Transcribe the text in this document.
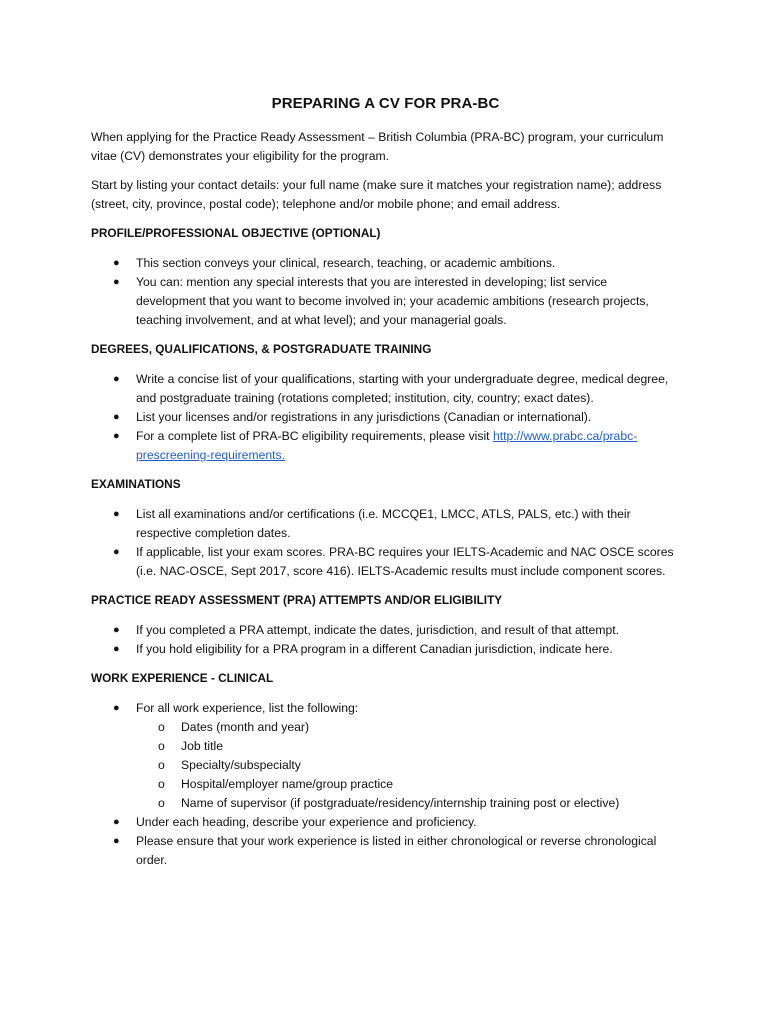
PREPARING A CV FOR PRA-BC

When applying for the Practice Ready Assessment – British Columbia (PRA-BC) program, your curriculum vitae (CV) demonstrates your eligibility for the program.

Start by listing your contact details: your full name (make sure it matches your registration name); address (street, city, province, postal code); telephone and/or mobile phone; and email address.

PROFILE/PROFESSIONAL OBJECTIVE (OPTIONAL)
● This section conveys your clinical, research, teaching, or academic ambitions.
● You can: mention any special interests that you are interested in developing; list service development that you want to become involved in; your academic ambitions (research projects, teaching involvement, and at what level); and your managerial goals.
DEGREES, QUALIFICATIONS, & POSTGRADUATE TRAINING
● Write a concise list of your qualifications, starting with your undergraduate degree, medical degree, and postgraduate training (rotations completed; institution, city, country; exact dates).
● List your licenses and/or registrations in any jurisdictions (Canadian or international).
● For a complete list of PRA-BC eligibility requirements, please visit http://www.prabc.ca/prabc-prescreening-requirements.
EXAMINATIONS
● List all examinations and/or certifications (i.e. MCCQE1, LMCC, ATLS, PALS, etc.) with their respective completion dates.
● If applicable, list your exam scores. PRA-BC requires your IELTS-Academic and NAC OSCE scores (i.e. NAC-OSCE, Sept 2017, score 416). IELTS-Academic results must include component scores.
PRACTICE READY ASSESSMENT (PRA) ATTEMPTS AND/OR ELIGIBILITY
● If you completed a PRA attempt, indicate the dates, jurisdiction, and result of that attempt.
● If you hold eligibility for a PRA program in a different Canadian jurisdiction, indicate here.
WORK EXPERIENCE - CLINICAL
● For all work experience, list the following:
o Dates (month and year)
o Job title
o Specialty/subspecialty
o Hospital/employer name/group practice
o Name of supervisor (if postgraduate/residency/internship training post or elective)
● Under each heading, describe your experience and proficiency.
● Please ensure that your work experience is listed in either chronological or reverse chronological order.
